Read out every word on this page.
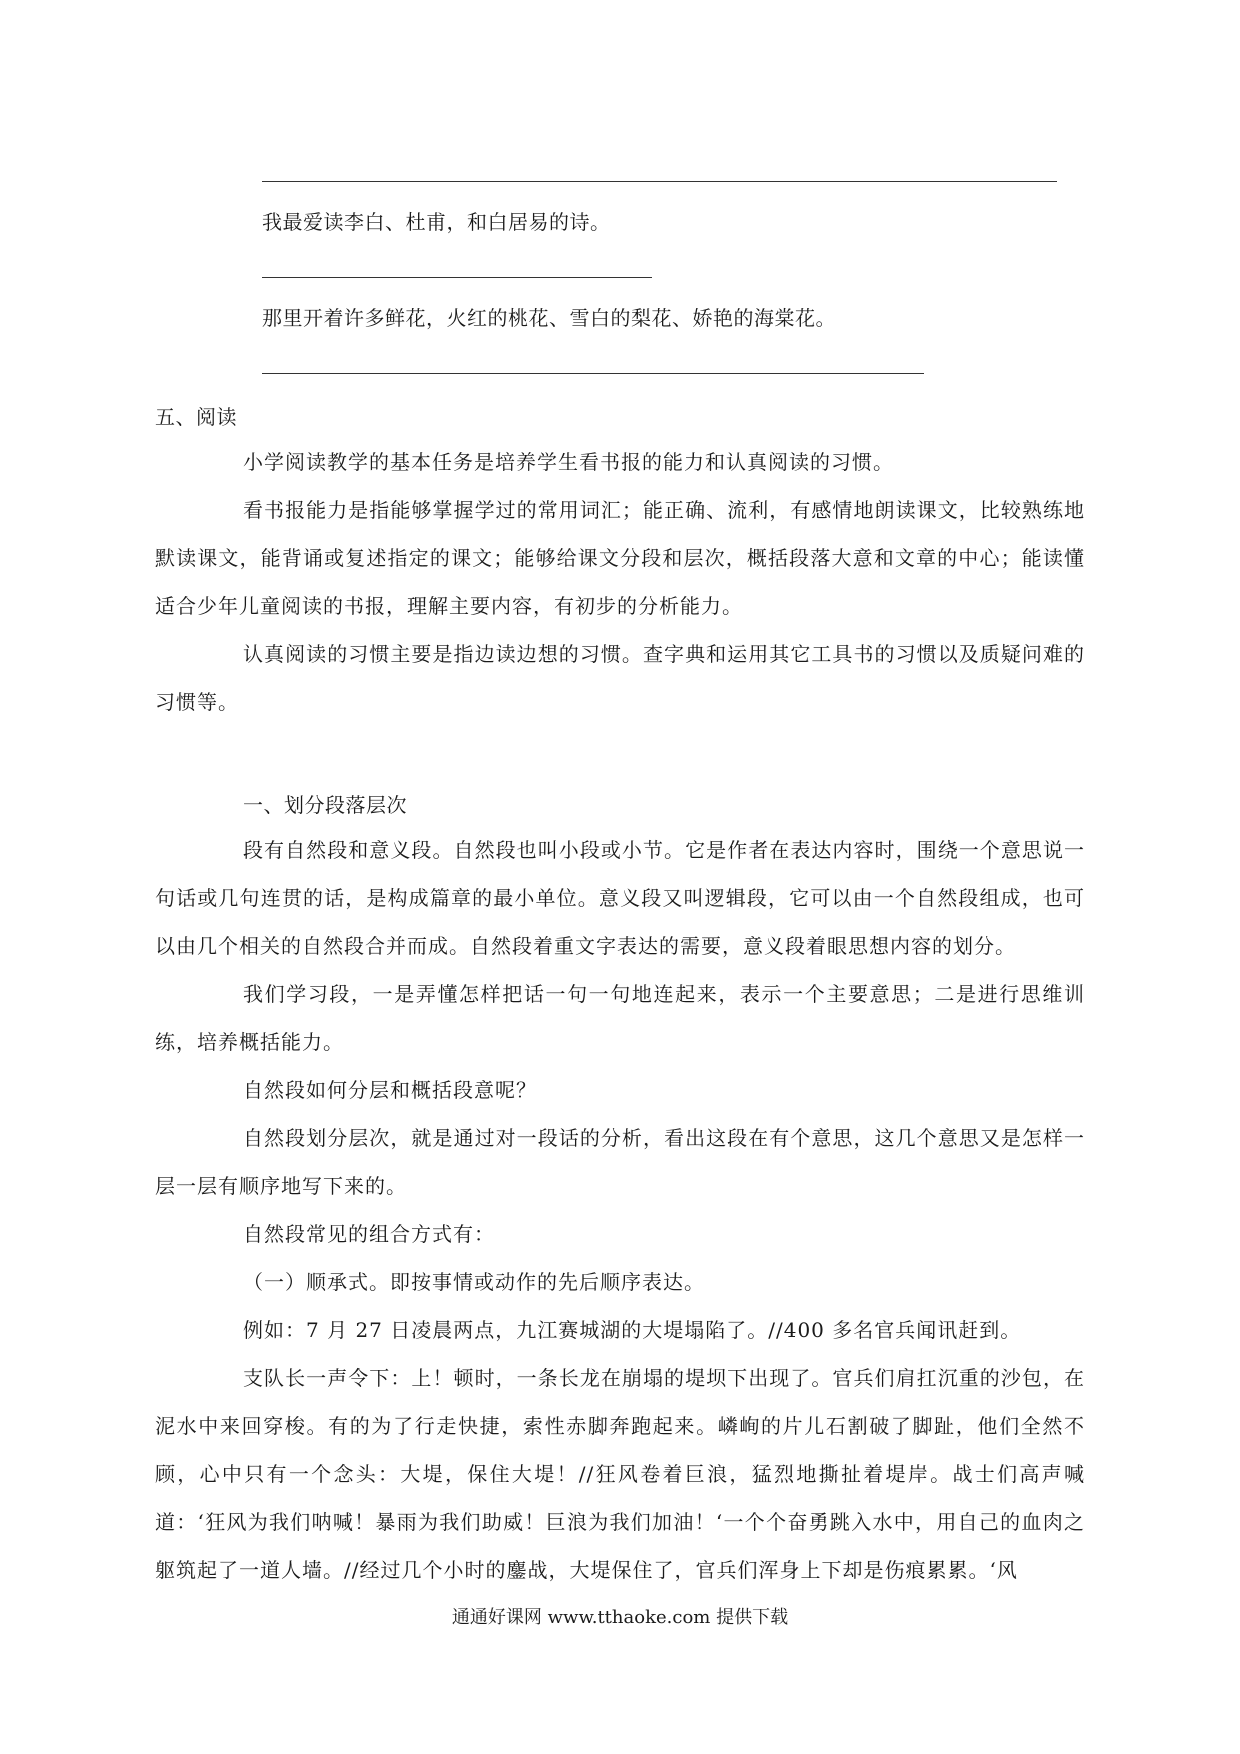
我最爱读李白、杜甫，和白居易的诗。
那里开着许多鲜花，火红的桃花、雪白的梨花、娇艳的海棠花。
五、阅读
小学阅读教学的基本任务是培养学生看书报的能力和认真阅读的习惯。
看书报能力是指能够掌握学过的常用词汇；能正确、流利，有感情地朗读课文，比较熟练地默读课文，能背诵或复述指定的课文；能够给课文分段和层次，概括段落大意和文章的中心；能读懂适合少年儿童阅读的书报，理解主要内容，有初步的分析能力。
认真阅读的习惯主要是指边读边想的习惯。查字典和运用其它工具书的习惯以及质疑问难的习惯等。
一、划分段落层次
段有自然段和意义段。自然段也叫小段或小节。它是作者在表达内容时，围绕一个意思说一句话或几句连贯的话，是构成篇章的最小单位。意义段又叫逻辑段，它可以由一个自然段组成，也可以由几个相关的自然段合并而成。自然段着重文字表达的需要，意义段着眼思想内容的划分。
我们学习段，一是弄懂怎样把话一句一句地连起来，表示一个主要意思；二是进行思维训练，培养概括能力。
自然段如何分层和概括段意呢？
自然段划分层次，就是通过对一段话的分析，看出这段在有个意思，这几个意思又是怎样一层一层有顺序地写下来的。
自然段常见的组合方式有：
（一）顺承式。即按事情或动作的先后顺序表达。
例如：7 月 27 日凌晨两点，九江赛城湖的大堤塌陷了。//400 多名官兵闻讯赶到。
支队长一声令下：上！顿时，一条长龙在崩塌的堤坝下出现了。官兵们肩扛沉重的沙包，在泥水中来回穿梭。有的为了行走快捷，索性赤脚奔跑起来。嶙峋的片儿石割破了脚趾，他们全然不顾，心中只有一个念头：大堤，保住大堤！//狂风卷着巨浪，猛烈地撕扯着堤岸。战士们高声喊道：‘狂风为我们呐喊！暴雨为我们助威！巨浪为我们加油！‘一个个奋勇跳入水中，用自己的血肉之躯筑起了一道人墙。//经过几个小时的鏖战，大堤保住了，官兵们浑身上下却是伤痕累累。‘风
通通好课网 www.tthaoke.com 提供下载
